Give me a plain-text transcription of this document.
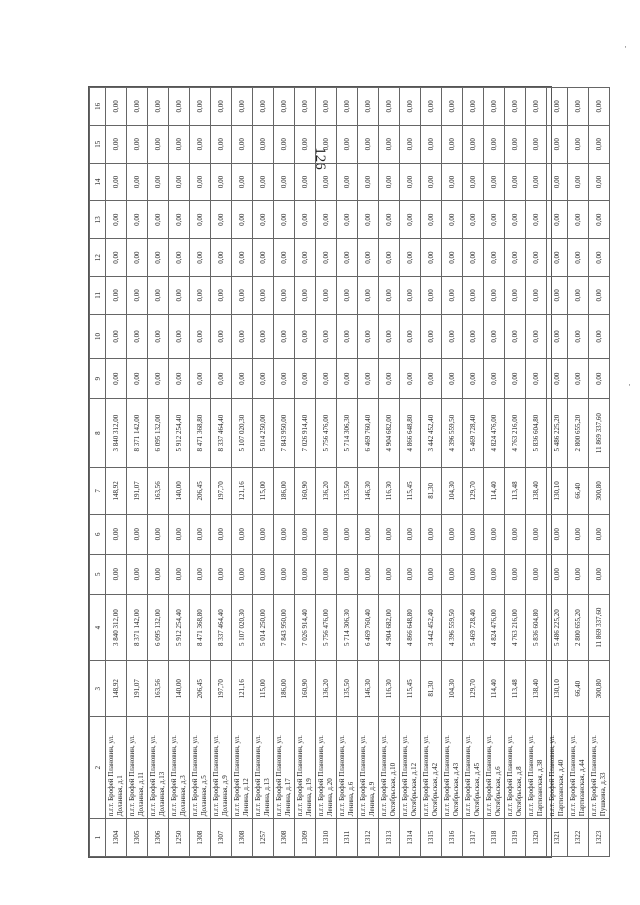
126
·
·
1	2	3	4	5	6	7	8	9	10	11	12	13	14	15	16
1304	п.г.т. Брофей Плановин, ул. Доланная, д.1	148,92	3 840 312,00	0,00	0,00	148,92	3 840 312,00	0,00	0,00	0,00	0,00	0,00	0,00	0,00	0,00
1305	п.г.т. Брофей Плановин, ул. Доланная, д.11	191,07	8 371 142,00	0,00	0,00	191,07	8 371 142,00	0,00	0,00	0,00	0,00	0,00	0,00	0,00	0,00
1306	п.г.т. Брофей Плановин, ул. Доланная, д.13	163,56	6 095 132,00	0,00	0,00	163,56	6 095 132,00	0,00	0,00	0,00	0,00	0,00	0,00	0,00	0,00
1250	п.г.т. Брофей Плановин, ул. Доланная, д.3	140,00	5 912 254,40	0,00	0,00	140,00	5 912 254,40	0,00	0,00	0,00	0,00	0,00	0,00	0,00	0,00
1308	п.г.т. Брофей Плановин, ул. Доланная, д.5	206,45	8 471 368,80	0,00	0,00	206,45	8 471 368,80	0,00	0,00	0,00	0,00	0,00	0,00	0,00	0,00
1307	п.г.т. Брофей Плановин, ул. Доланная, д.9	197,70	8 337 464,40	0,00	0,00	197,70	8 337 464,40	0,00	0,00	0,00	0,00	0,00	0,00	0,00	0,00
1308	п.г.т. Брофей Плановин, ул. Ленина, д.12	121,16	5 107 020,30	0,00	0,00	121,16	5 107 020,30	0,00	0,00	0,00	0,00	0,00	0,00	0,00	0,00
1257	п.г.т. Брофей Плановин, ул. Ленина, д.13	115,00	5 014 250,00	0,00	0,00	115,00	5 014 250,00	0,00	0,00	0,00	0,00	0,00	0,00	0,00	0,00
1308	п.г.т. Брофей Плановин, ул. Ленина, д.17	186,00	7 843 950,00	0,00	0,00	186,00	7 843 950,00	0,00	0,00	0,00	0,00	0,00	0,00	0,00	0,00
1309	п.г.т. Брофей Плановин, ул. Ленина, д.19	160,90	7 026 914,40	0,00	0,00	160,90	7 026 914,40	0,00	0,00	0,00	0,00	0,00	0,00	0,00	0,00
1310	п.г.т. Брофей Плановин, ул. Ленина, д.20	136,20	5 756 476,00	0,00	0,00	136,20	5 756 476,00	0,00	0,00	0,00	0,00	0,00	0,00	0,00	0,00
1311	п.г.т. Брофей Плановин, ул. Ленина, д.6	135,50	5 714 306,30	0,00	0,00	135,50	5 714 306,30	0,00	0,00	0,00	0,00	0,00	0,00	0,00	0,00
1312	п.г.т. Брофей Плановин, ул. Ленина, д.9	146,30	6 469 760,40	0,00	0,00	146,30	6 469 760,40	0,00	0,00	0,00	0,00	0,00	0,00	0,00	0,00
1313	п.г.т. Брофей Плановин, ул. Октябрьская, д.10	116,30	4 904 682,00	0,00	0,00	116,30	4 904 682,00	0,00	0,00	0,00	0,00	0,00	0,00	0,00	0,00
1314	п.г.т. Брофей Плановин, ул. Октябрьская, д.12	115,45	4 866 648,80	0,00	0,00	115,45	4 866 648,80	0,00	0,00	0,00	0,00	0,00	0,00	0,00	0,00
1315	п.г.т. Брофей Плановин, ул. Октябрьская, д.42	81,30	3 442 452,40	0,00	0,00	81,30	3 442 452,40	0,00	0,00	0,00	0,00	0,00	0,00	0,00	0,00
1316	п.г.т. Брофей Плановин, ул. Октябрьская, д.43	104,30	4 396 559,50	0,00	0,00	104,30	4 396 559,50	0,00	0,00	0,00	0,00	0,00	0,00	0,00	0,00
1317	п.г.т. Брофей Плановин, ул. Октябрьская, д.45	129,70	5 469 728,40	0,00	0,00	129,70	5 469 728,40	0,00	0,00	0,00	0,00	0,00	0,00	0,00	0,00
1318	п.г.т. Брофей Плановин, ул. Октябрьская, д.6	114,40	4 824 476,00	0,00	0,00	114,40	4 824 476,00	0,00	0,00	0,00	0,00	0,00	0,00	0,00	0,00
1319	п.г.т. Брофей Плановин, ул. Октябрьская, д.8	113,48	4 763 216,00	0,00	0,00	113,48	4 763 216,00	0,00	0,00	0,00	0,00	0,00	0,00	0,00	0,00
1320	п.г.т. Брофей Плановин, ул. Партизанская, д.38	138,40	5 836 604,80	0,00	0,00	138,40	5 836 604,80	0,00	0,00	0,00	0,00	0,00	0,00	0,00	0,00
1321	п.г.т. Брофей Плановин, ул. Партизанская, д.40	130,10	5 486 225,20	0,00	0,00	130,10	5 486 225,20	0,00	0,00	0,00	0,00	0,00	0,00	0,00	0,00
1322	п.г.т. Брофей Плановин, ул. Партизанская, д.44	66,40	2 800 655,20	0,00	0,00	66,40	2 800 655,20	0,00	0,00	0,00	0,00	0,00	0,00	0,00	0,00
1323	п.г.т. Брофей Плановин, ул. Пушкина, д.33	300,80	11 869 337,60	0,00	0,00	300,80	11 869 337,60	0,00	0,00	0,00	0,00	0,00	0,00	0,00	0,00
